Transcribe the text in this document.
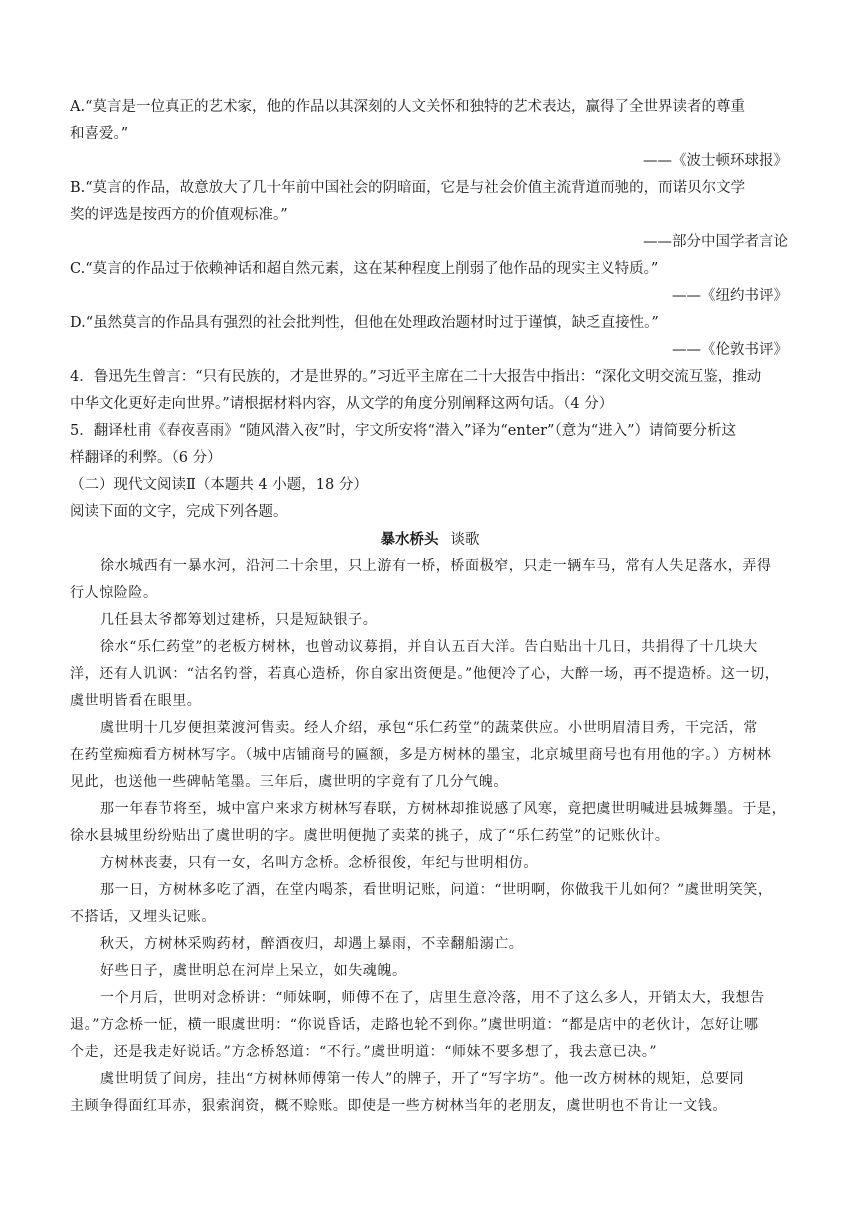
A.“莫言是一位真正的艺术家，他的作品以其深刻的人文关怀和独特的艺术表达，赢得了全世界读者的尊重
和喜爱。”
——《波士顿环球报》
B.“莫言的作品，故意放大了几十年前中国社会的阴暗面，它是与社会价值主流背道而驰的，而诺贝尔文学
奖的评选是按西方的价值观标准。”
——部分中国学者言论
C.“莫言的作品过于依赖神话和超自然元素，这在某种程度上削弱了他作品的现实主义特质。”
——《纽约书评》
D.“虽然莫言的作品具有强烈的社会批判性，但他在处理政治题材时过于谨慎，缺乏直接性。”
——《伦敦书评》
4．鲁迅先生曾言：“只有民族的，才是世界的。”习近平主席在二十大报告中指出：“深化文明交流互鉴，推动
中华文化更好走向世界。”请根据材料内容，从文学的角度分别阐释这两句话。（4 分）
5．翻译杜甫《春夜喜雨》“随风潜入夜”时，宇文所安将“潜入”译为“enter”（意为“进入”）请简要分析这
样翻译的利弊。（6 分）
（二）现代文阅读Ⅱ（本题共 4 小题，18 分）
阅读下面的文字，完成下列各题。
暴水桥头 谈歌
徐水城西有一暴水河，沿河二十余里，只上游有一桥，桥面极窄，只走一辆车马，常有人失足落水，弄得
行人惊险险。
几任县太爷都筹划过建桥，只是短缺银子。
徐水“乐仁药堂”的老板方树林，也曾动议募捐，并自认五百大洋。告白贴出十几日，共捐得了十几块大
洋，还有人讥讽：“沽名钓誉，若真心造桥，你自家出资便是。”他便冷了心，大醉一场，再不提造桥。这一切，
虞世明皆看在眼里。
虞世明十几岁便担菜渡河售卖。经人介绍，承包“乐仁药堂”的蔬菜供应。小世明眉清目秀，干完活，常
在药堂痴痴看方树林写字。（城中店铺商号的匾额，多是方树林的墨宝，北京城里商号也有用他的字。）方树林
见此，也送他一些碑帖笔墨。三年后，虞世明的字竟有了几分气魄。
那一年春节将至，城中富户来求方树林写春联，方树林却推说感了风寒，竟把虞世明喊进县城舞墨。于是，
徐水县城里纷纷贴出了虞世明的字。虞世明便抛了卖菜的挑子，成了“乐仁药堂”的记账伙计。
方树林丧妻，只有一女，名叫方念桥。念桥很俊，年纪与世明相仿。
那一日，方树林多吃了酒，在堂内喝茶，看世明记账，问道：“世明啊，你做我干儿如何？”虞世明笑笑，
不搭话，又埋头记账。
秋天，方树林采购药材，醉酒夜归，却遇上暴雨，不幸翻船溺亡。
好些日子，虞世明总在河岸上呆立，如失魂魄。
一个月后，世明对念桥讲：“师妹啊，师傅不在了，店里生意冷落，用不了这么多人，开销太大，我想告
退。”方念桥一怔，横一眼虞世明：“你说昏话，走路也轮不到你。”虞世明道：“都是店中的老伙计，怎好让哪
个走，还是我走好说话。”方念桥怒道：“不行。”虞世明道：“师妹不要多想了，我去意已决。”
虞世明赁了间房，挂出“方树林师傅第一传人”的牌子，开了“写字坊”。他一改方树林的规矩，总要同
主顾争得面红耳赤，狠索润资，概不赊账。即使是一些方树林当年的老朋友，虞世明也不肯让一文钱。
